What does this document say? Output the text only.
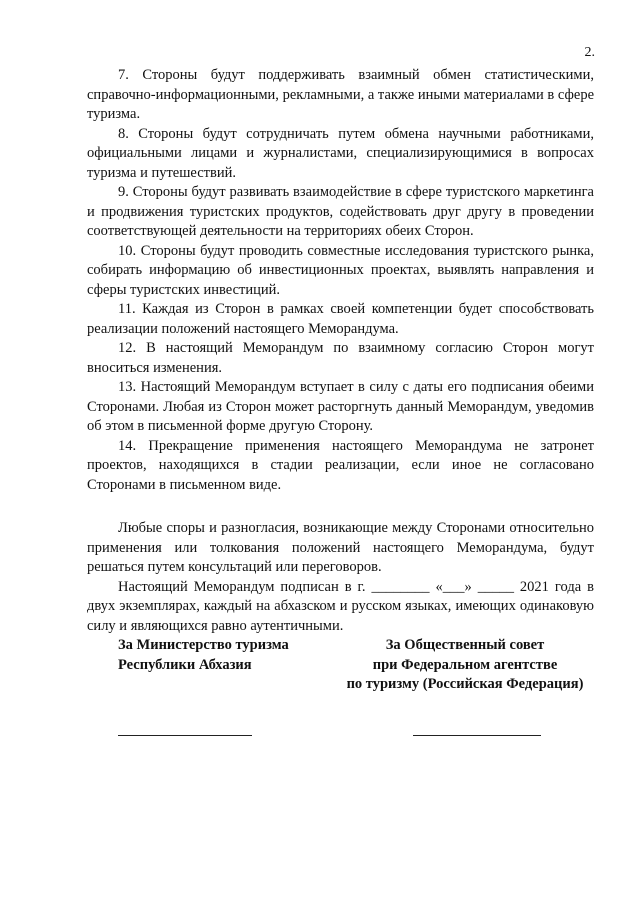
2.

7. Стороны будут поддерживать взаимный обмен статистическими, справочно-информационными, рекламными, а также иными материалами в сфере туризма.

8. Стороны будут сотрудничать путем обмена научными работниками, официальными лицами и журналистами, специализирующимися в вопросах туризма и путешествий.

9. Стороны будут развивать взаимодействие в сфере туристского маркетинга и продвижения туристских продуктов, содействовать друг другу в проведении соответствующей деятельности на территориях обеих Сторон.

10. Стороны будут проводить совместные исследования туристского рынка, собирать информацию об инвестиционных проектах, выявлять направления и сферы туристских инвестиций.

11. Каждая из Сторон в рамках своей компетенции будет способствовать реализации положений настоящего Меморандума.

12. В настоящий Меморандум по взаимному согласию Сторон могут вноситься изменения.

13. Настоящий Меморандум вступает в силу с даты его подписания обеими Сторонами. Любая из Сторон может расторгнуть данный Меморандум, уведомив об этом в письменной форме другую Сторону.

14. Прекращение применения настоящего Меморандума не затронет проектов, находящихся в стадии реализации, если иное не согласовано Сторонами в письменном виде.

Любые споры и разногласия, возникающие между Сторонами относительно применения или толкования положений настоящего Меморандума, будут решаться путем консультаций или переговоров.

Настоящий Меморандум подписан в г. ________ «___» _____ 2021 года в двух экземплярах, каждый на абхазском и русском языках, имеющих одинаковую силу и являющихся равно аутентичными.

За Министерство туризма
Республики Абхазия
За Общественный совет
при Федеральном агентстве
по туризму (Российская Федерация)
